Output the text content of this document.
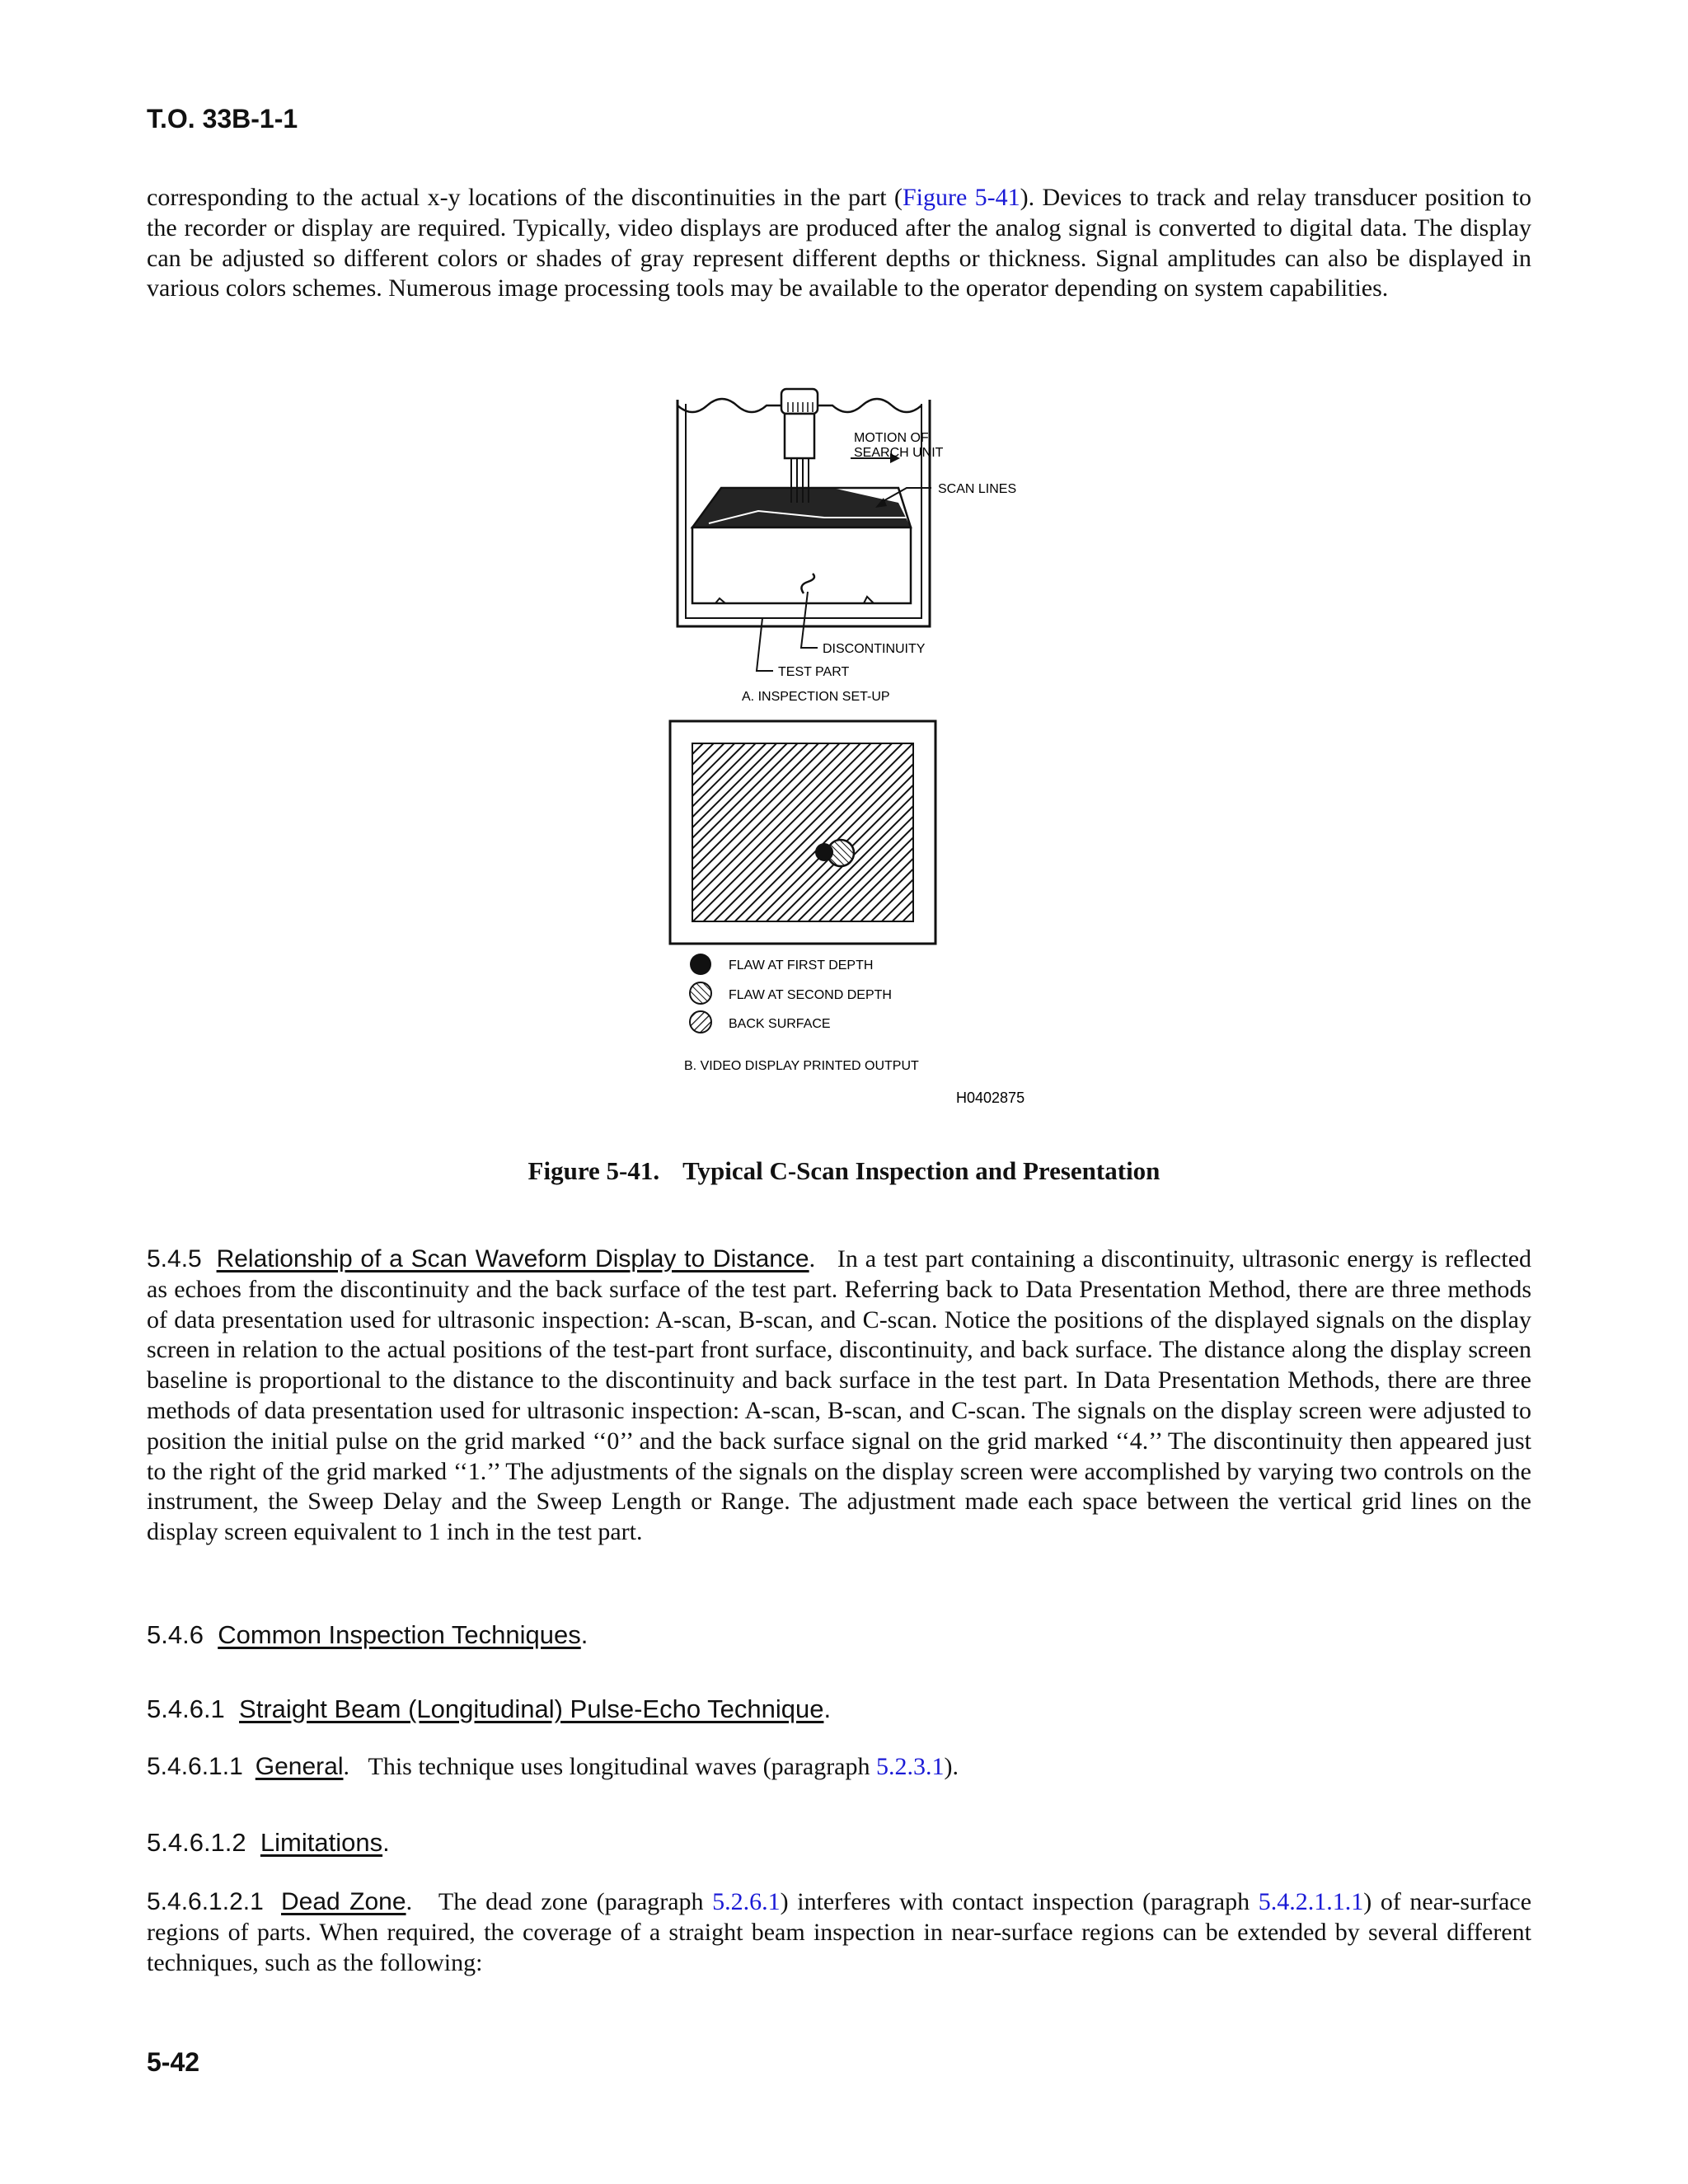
T.O. 33B-1-1
corresponding to the actual x-y locations of the discontinuities in the part (Figure 5-41). Devices to track and relay transducer position to the recorder or display are required. Typically, video displays are produced after the analog signal is converted to digital data. The display can be adjusted so different colors or shades of gray represent different depths or thickness. Signal amplitudes can also be displayed in various colors schemes. Numerous image processing tools may be available to the operator depending on system capabilities.
MOTION OF
SEARCH UNIT
SCAN LINES
DISCONTINUITY
TEST PART
A. INSPECTION SET-UP
FLAW AT FIRST DEPTH
FLAW AT SECOND DEPTH
BACK SURFACE
B. VIDEO DISPLAY PRINTED OUTPUT
H0402875
Figure 5-41. Typical C-Scan Inspection and Presentation
5.4.5 Relationship of a Scan Waveform Display to Distance.   In a test part containing a discontinuity, ultrasonic energy is reflected as echoes from the discontinuity and the back surface of the test part. Referring back to Data Presentation Method, there are three methods of data presentation used for ultrasonic inspection: A-scan, B-scan, and C-scan. Notice the positions of the displayed signals on the display screen in relation to the actual positions of the test-part front surface, discontinuity, and back surface. The distance along the display screen baseline is proportional to the distance to the discontinuity and back surface in the test part. In Data Presentation Methods, there are three methods of data presentation used for ultrasonic inspection: A-scan, B-scan, and C-scan. The signals on the display screen were adjusted to position the initial pulse on the grid marked ‘‘0’’ and the back surface signal on the grid marked ‘‘4.’’ The discontinuity then appeared just to the right of the grid marked ‘‘1.’’ The adjustments of the signals on the display screen were accomplished by varying two controls on the instrument, the Sweep Delay and the Sweep Length or Range. The adjustment made each space between the vertical grid lines on the display screen equivalent to 1 inch in the test part.
5.4.6 Common Inspection Techniques.
5.4.6.1 Straight Beam (Longitudinal) Pulse-Echo Technique.
5.4.6.1.1 General.   This technique uses longitudinal waves (paragraph 5.2.3.1).
5.4.6.1.2 Limitations.
5.4.6.1.2.1 Dead Zone.   The dead zone (paragraph 5.2.6.1) interferes with contact inspection (paragraph 5.4.2.1.1.1) of near-surface regions of parts. When required, the coverage of a straight beam inspection in near-surface regions can be extended by several different techniques, such as the following:
5-42
